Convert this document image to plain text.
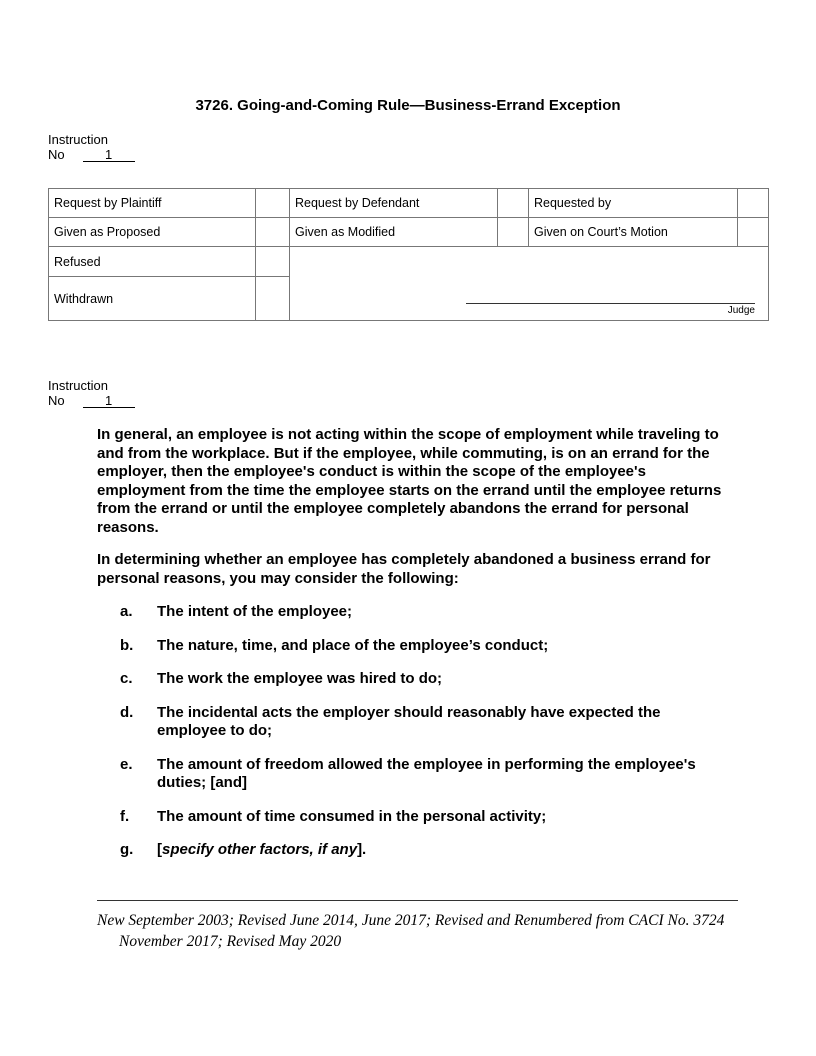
3726. Going-and-Coming Rule—Business-Errand Exception
Instruction
No	1
Request by Plaintiff		Request by Defendant		Requested by	
Given as Proposed		Given as Modified		Given on Court’s Motion	
Refused					
Withdrawn					
Judge
Instruction
No	1

In general, an employee is not acting within the scope of employment while traveling to and from the workplace. But if the employee, while commuting, is on an errand for the employer, then the employee's conduct is within the scope of the employee's employment from the time the employee starts on the errand until the employee returns from the errand or until the employee completely abandons the errand for personal reasons.

In determining whether an employee has completely abandoned a business errand for personal reasons, you may consider the following:

a.	The intent of the employee;
b.	The nature, time, and place of the employee’s conduct;
c.	The work the employee was hired to do;
d.	The incidental acts the employer should reasonably have expected the employee to do;
e.	The amount of freedom allowed the employee in performing the employee's duties; [and]
f.	The amount of time consumed in the personal activity;
g.	[specify other factors, if any].
New September 2003; Revised June 2014, June 2017; Revised and Renumbered from CACI No. 3724 November 2017; Revised May 2020
